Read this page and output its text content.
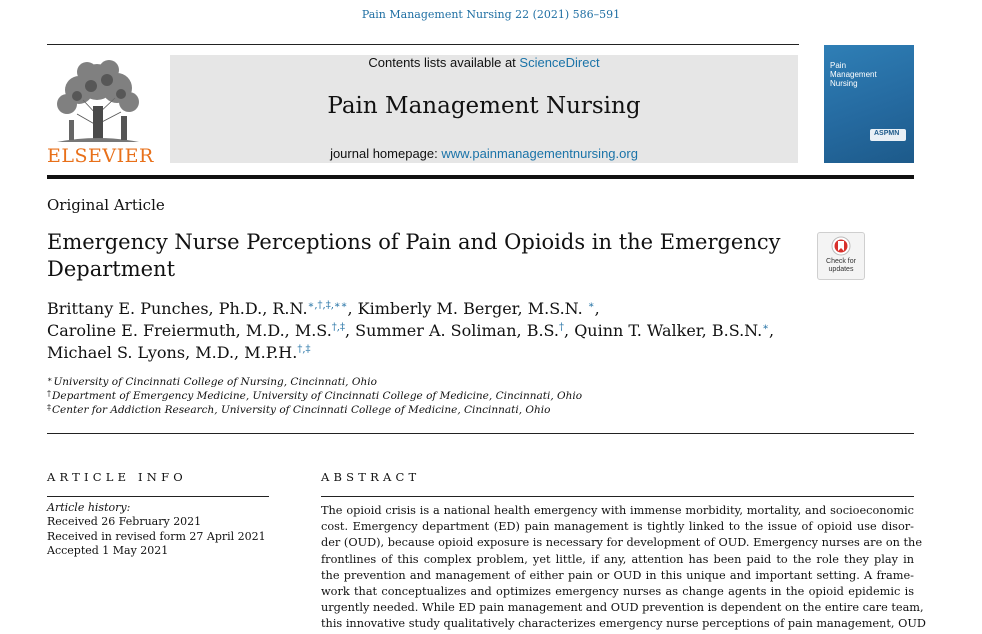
Pain Management Nursing 22 (2021) 586–591
ELSEVIER
Contents lists available at ScienceDirect
Pain Management Nursing
journal homepage: www.painmanagementnursing.org
Pain
Management
Nursing
ASPMN
Original Article
Emergency Nurse Perceptions of Pain and Opioids in the Emergency Department	Check for
updates
Brittany E. Punches, Ph.D., R.N.∗,†,‡,∗∗, Kimberly M. Berger, M.S.N. ∗,
Caroline E. Freiermuth, M.D., M.S.†,‡, Summer A. Soliman, B.S.†, Quinn T. Walker, B.S.N.∗,
Michael S. Lyons, M.D., M.P.H.†,‡
∗University of Cincinnati College of Nursing, Cincinnati, Ohio
†Department of Emergency Medicine, University of Cincinnati College of Medicine, Cincinnati, Ohio
‡Center for Addiction Research, University of Cincinnati College of Medicine, Cincinnati, Ohio
ARTICLE INFO	ABSTRACT
Article history:
Received 26 February 2021
Received in revised form 27 April 2021
Accepted 1 May 2021
The opioid crisis is a national health emergency with immense morbidity, mortality, and socioeconomic
cost. Emergency department (ED) pain management is tightly linked to the issue of opioid use disor-
der (OUD), because opioid exposure is necessary for development of OUD. Emergency nurses are on the
frontlines of this complex problem, yet little, if any, attention has been paid to the role they play in
the prevention and management of either pain or OUD in this unique and important setting. A frame-
work that conceptualizes and optimizes emergency nurses as change agents in the opioid epidemic is
urgently needed. While ED pain management and OUD prevention is dependent on the entire care team,
this innovative study qualitatively characterizes emergency nurse perceptions of pain management, OUD
